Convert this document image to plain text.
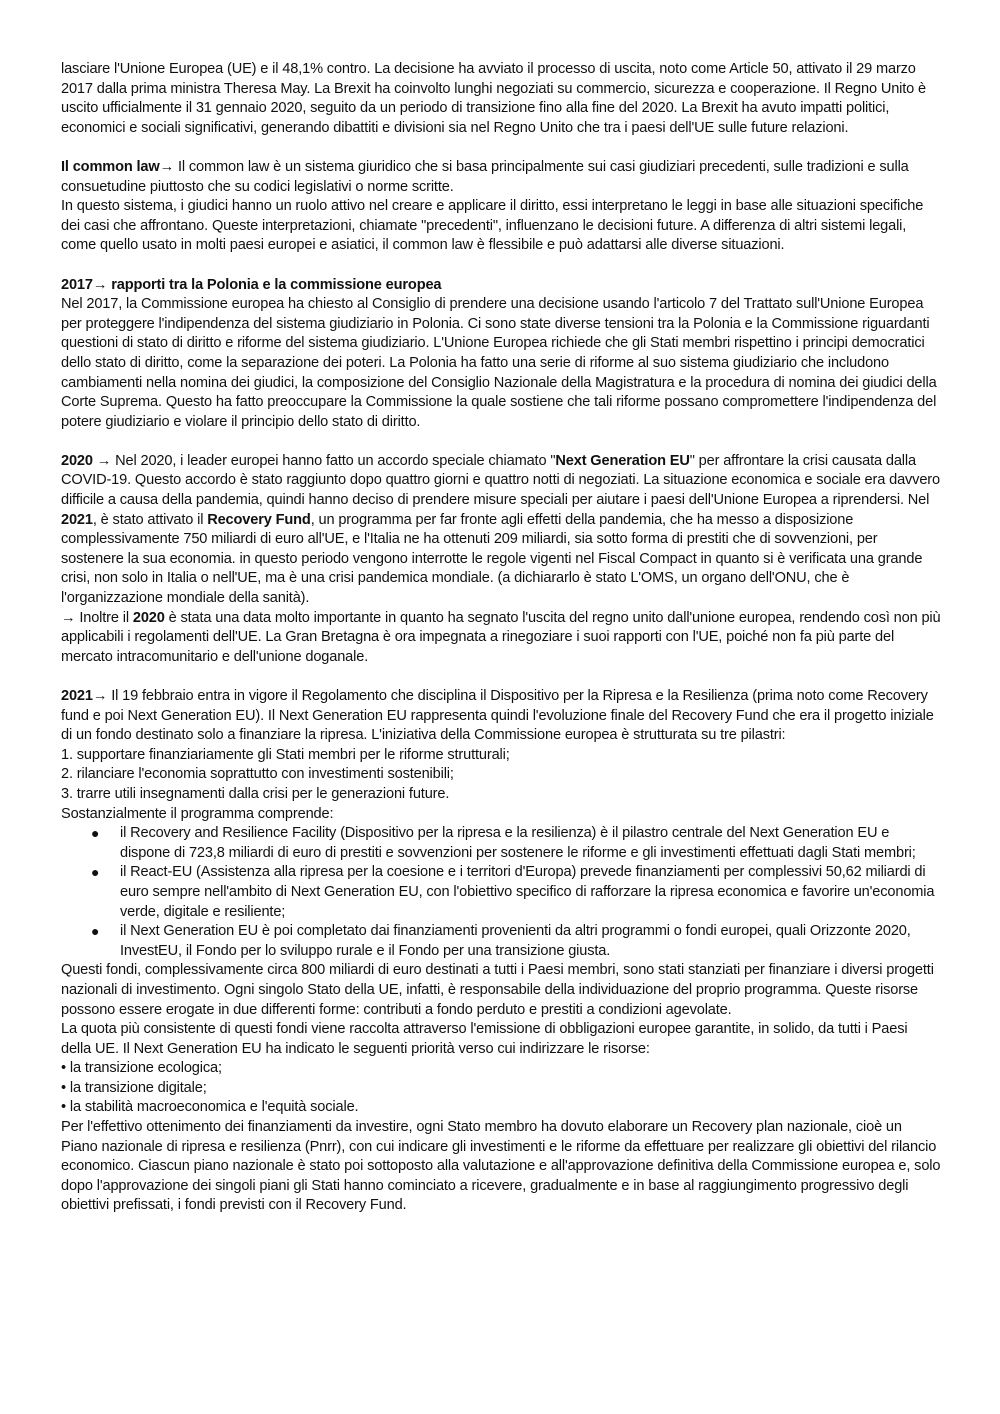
lasciare l'Unione Europea (UE) e il 48,1% contro. La decisione ha avviato il processo di uscita, noto come Article 50, attivato il 29 marzo 2017 dalla prima ministra Theresa May. La Brexit ha coinvolto lunghi negoziati su commercio, sicurezza e cooperazione. Il Regno Unito è uscito ufficialmente il 31 gennaio 2020, seguito da un periodo di transizione fino alla fine del 2020. La Brexit ha avuto impatti politici, economici e sociali significativi, generando dibattiti e divisioni sia nel Regno Unito che tra i paesi dell'UE sulle future relazioni.

Il common law→ Il common law è un sistema giuridico che si basa principalmente sui casi giudiziari precedenti, sulle tradizioni e sulla consuetudine piuttosto che su codici legislativi o norme scritte.

In questo sistema, i giudici hanno un ruolo attivo nel creare e applicare il diritto, essi interpretano le leggi in base alle situazioni specifiche dei casi che affrontano. Queste interpretazioni, chiamate "precedenti", influenzano le decisioni future. A differenza di altri sistemi legali, come quello usato in molti paesi europei e asiatici, il common law è flessibile e può adattarsi alle diverse situazioni.

2017→ rapporti tra la Polonia e la commissione europea

Nel 2017, la Commissione europea ha chiesto al Consiglio di prendere una decisione usando l'articolo 7 del Trattato sull'Unione Europea per proteggere l'indipendenza del sistema giudiziario in Polonia. Ci sono state diverse tensioni tra la Polonia e la Commissione riguardanti questioni di stato di diritto e riforme del sistema giudiziario. L'Unione Europea richiede che gli Stati membri rispettino i principi democratici dello stato di diritto, come la separazione dei poteri. La Polonia ha fatto una serie di riforme al suo sistema giudiziario che includono cambiamenti nella nomina dei giudici, la composizione del Consiglio Nazionale della Magistratura e la procedura di nomina dei giudici della Corte Suprema. Questo ha fatto preoccupare la Commissione la quale sostiene che tali riforme possano compromettere l'indipendenza del potere giudiziario e violare il principio dello stato di diritto.

2020 → Nel 2020, i leader europei hanno fatto un accordo speciale chiamato "Next Generation EU" per affrontare la crisi causata dalla COVID-19. Questo accordo è stato raggiunto dopo quattro giorni e quattro notti di negoziati. La situazione economica e sociale era davvero difficile a causa della pandemia, quindi hanno deciso di prendere misure speciali per aiutare i paesi dell'Unione Europea a riprendersi. Nel 2021, è stato attivato il Recovery Fund, un programma per far fronte agli effetti della pandemia, che ha messo a disposizione complessivamente 750 miliardi di euro all'UE, e l'Italia ne ha ottenuti 209 miliardi, sia sotto forma di prestiti che di sovvenzioni, per sostenere la sua economia. in questo periodo vengono interrotte le regole vigenti nel Fiscal Compact in quanto si è verificata una grande crisi, non solo in Italia o nell'UE, ma è una crisi pandemica mondiale. (a dichiararlo è stato L'OMS, un organo dell'ONU, che è l'organizzazione mondiale della sanità).

→ Inoltre il 2020 è stata una data molto importante in quanto ha segnato l'uscita del regno unito dall'unione europea, rendendo così non più applicabili i regolamenti dell'UE. La Gran Bretagna è ora impegnata a rinegoziare i suoi rapporti con l'UE, poiché non fa più parte del mercato intracomunitario e dell'unione doganale.

2021→ Il 19 febbraio entra in vigore il Regolamento che disciplina il Dispositivo per la Ripresa e la Resilienza (prima noto come Recovery fund e poi Next Generation EU). Il Next Generation EU rappresenta quindi l'evoluzione finale del Recovery Fund che era il progetto iniziale di un fondo destinato solo a finanziare la ripresa. L'iniziativa della Commissione europea è strutturata su tre pilastri:

1. supportare finanziariamente gli Stati membri per le riforme strutturali;

2. rilanciare l'economia soprattutto con investimenti sostenibili;

3. trarre utili insegnamenti dalla crisi per le generazioni future.

Sostanzialmente il programma comprende:

● il Recovery and Resilience Facility (Dispositivo per la ripresa e la resilienza) è il pilastro centrale del Next Generation EU e dispone di 723,8 miliardi di euro di prestiti e sovvenzioni per sostenere le riforme e gli investimenti effettuati dagli Stati membri;

● il React-EU (Assistenza alla ripresa per la coesione e i territori d'Europa) prevede finanziamenti per complessivi 50,62 miliardi di euro sempre nell'ambito di Next Generation EU, con l'obiettivo specifico di rafforzare la ripresa economica e favorire un'economia verde, digitale e resiliente;

● il Next Generation EU è poi completato dai finanziamenti provenienti da altri programmi o fondi europei, quali Orizzonte 2020, InvestEU, il Fondo per lo sviluppo rurale e il Fondo per una transizione giusta.

Questi fondi, complessivamente circa 800 miliardi di euro destinati a tutti i Paesi membri, sono stati stanziati per finanziare i diversi progetti nazionali di investimento. Ogni singolo Stato della UE, infatti, è responsabile della individuazione del proprio programma. Queste risorse possono essere erogate in due differenti forme: contributi a fondo perduto e prestiti a condizioni agevolate.

La quota più consistente di questi fondi viene raccolta attraverso l'emissione di obbligazioni europee garantite, in solido, da tutti i Paesi della UE. Il Next Generation EU ha indicato le seguenti priorità verso cui indirizzare le risorse:

• la transizione ecologica;

• la transizione digitale;

• la stabilità macroeconomica e l'equità sociale.

Per l'effettivo ottenimento dei finanziamenti da investire, ogni Stato membro ha dovuto elaborare un Recovery plan nazionale, cioè un Piano nazionale di ripresa e resilienza (Pnrr), con cui indicare gli investimenti e le riforme da effettuare per realizzare gli obiettivi del rilancio economico. Ciascun piano nazionale è stato poi sottoposto alla valutazione e all'approvazione definitiva della Commissione europea e, solo dopo l'approvazione dei singoli piani gli Stati hanno cominciato a ricevere, gradualmente e in base al raggiungimento progressivo degli obiettivi prefissati, i fondi previsti con il Recovery Fund.
